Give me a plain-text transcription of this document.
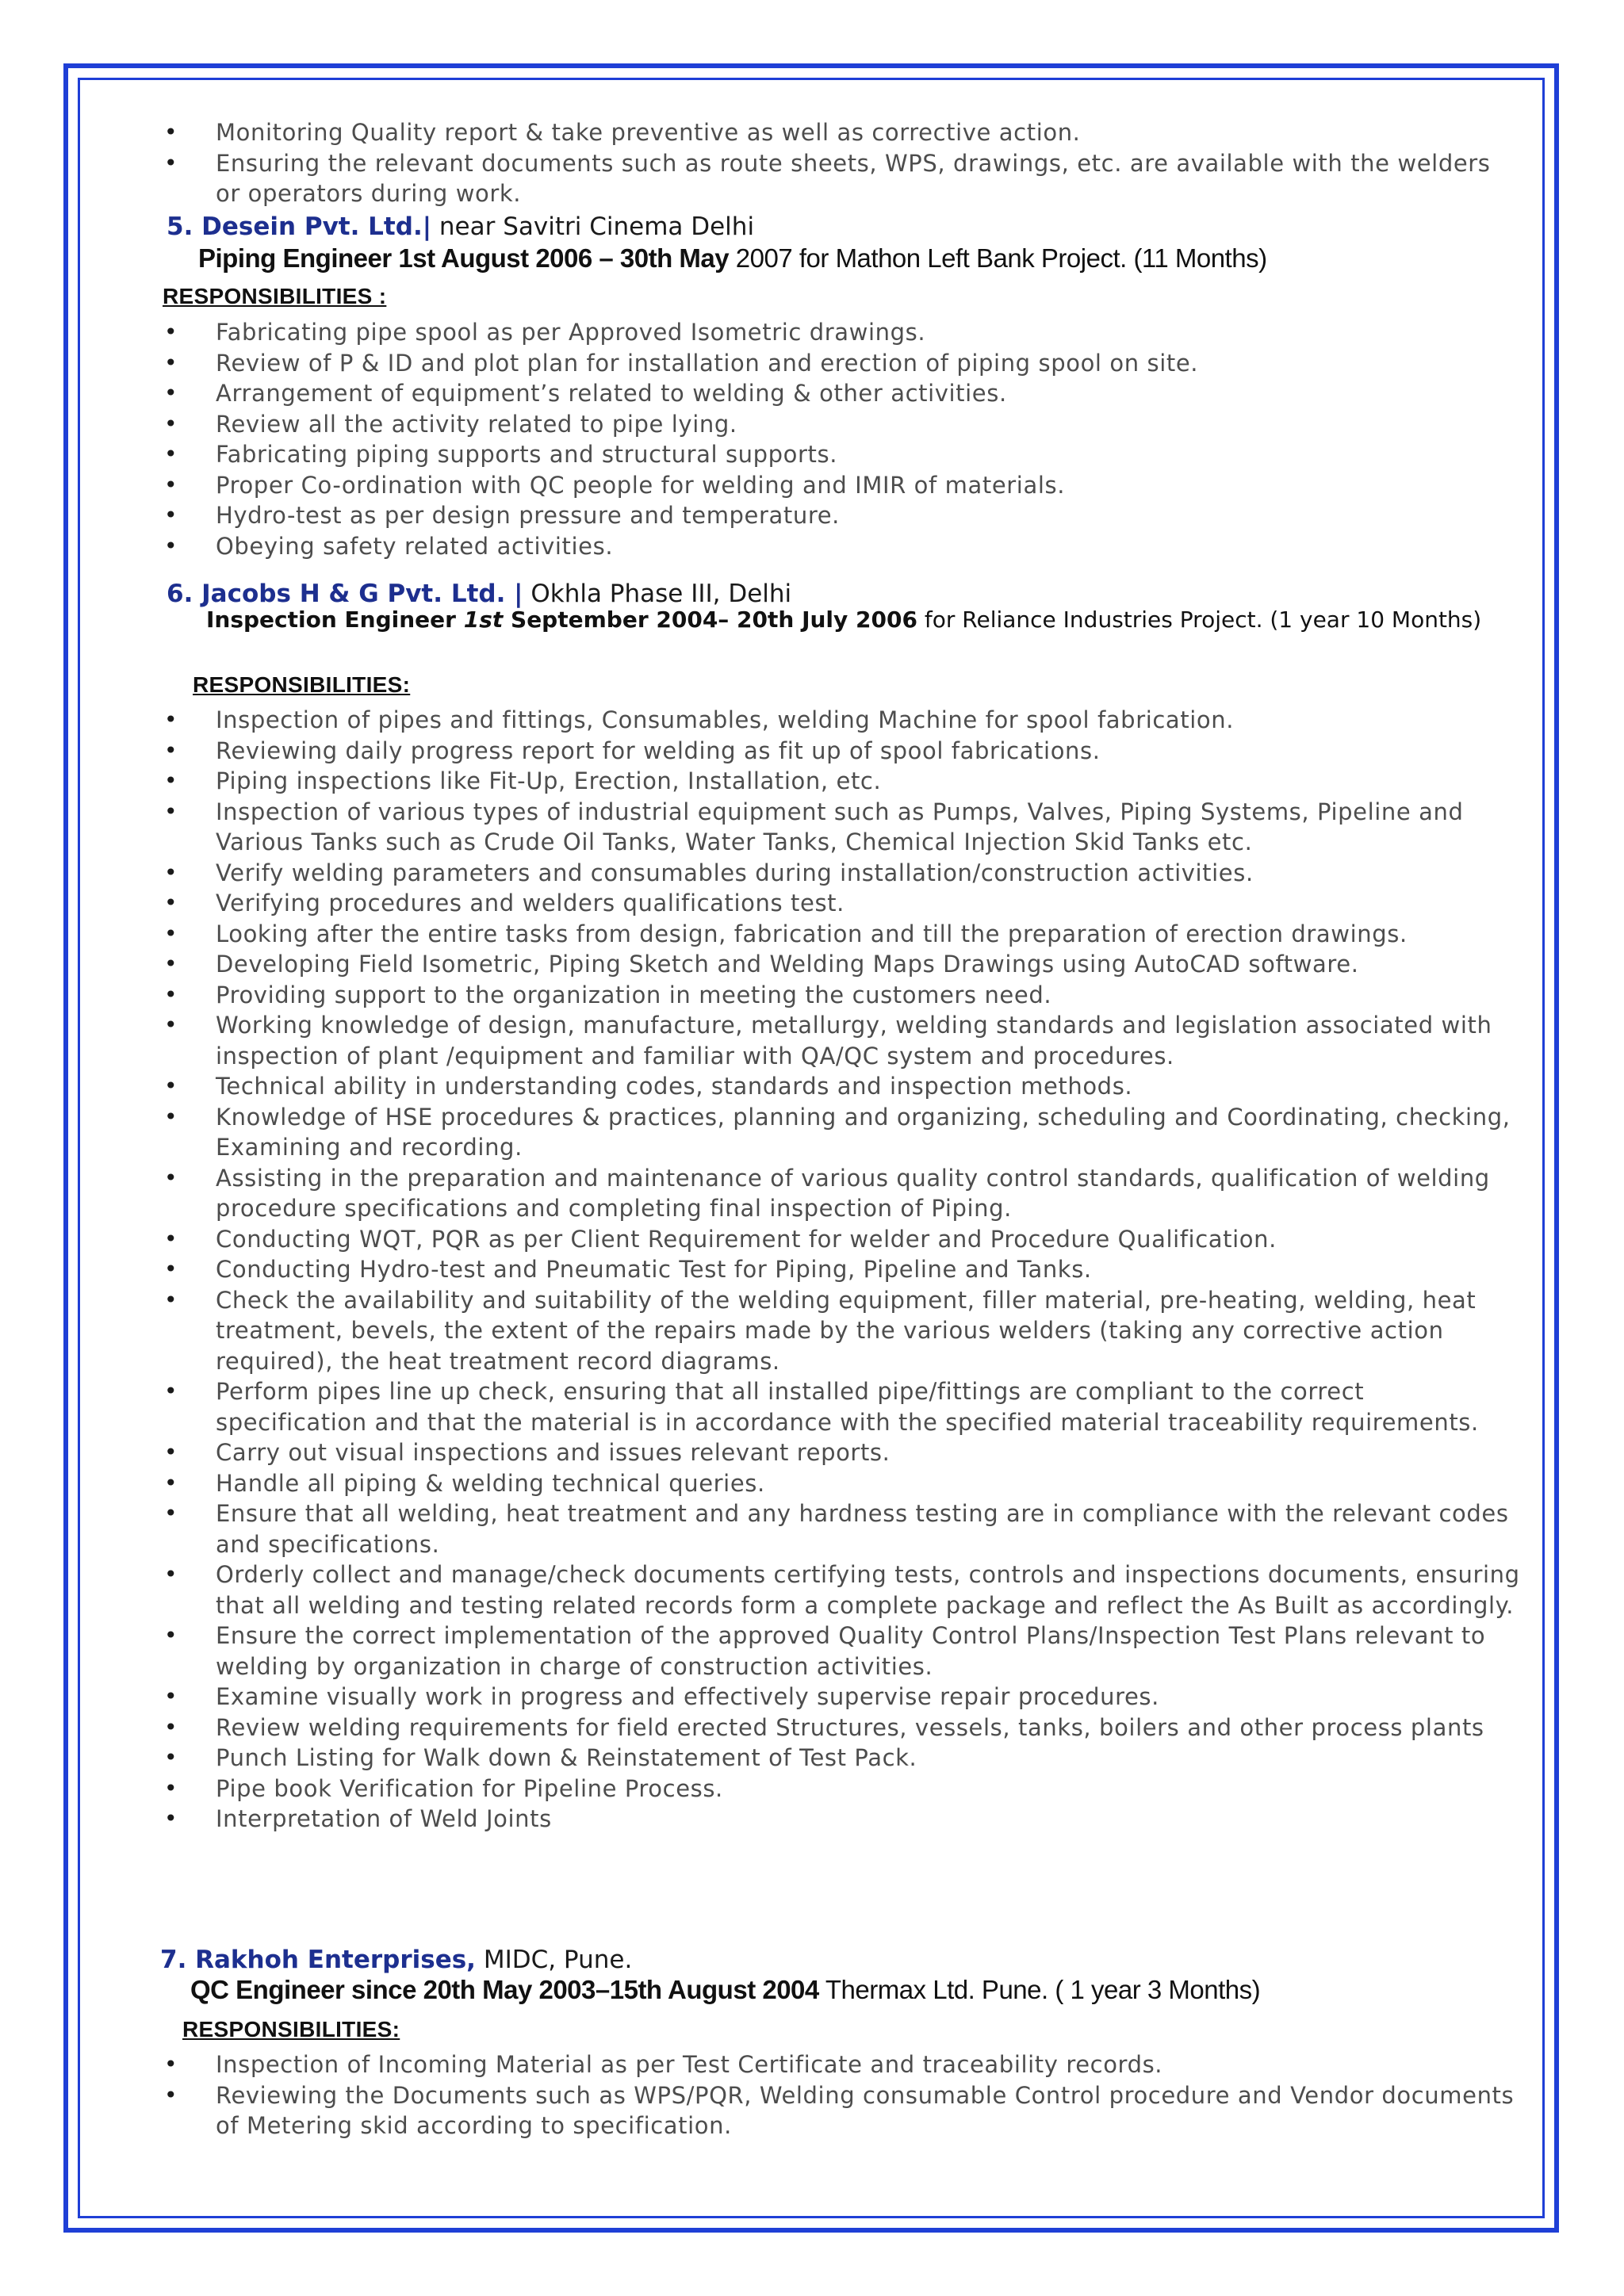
• Monitoring Quality report & take preventive as well as corrective action.
• Ensuring the relevant documents such as route sheets, WPS, drawings, etc. are available with the welders or operators during work.
5. Desein Pvt. Ltd.| near Savitri Cinema Delhi
Piping Engineer 1st August 2006 – 30th May 2007 for Mathon Left Bank Project. (11 Months)
RESPONSIBILITIES :
• Fabricating pipe spool as per Approved Isometric drawings.
• Review of P & ID and plot plan for installation and erection of piping spool on site.
• Arrangement of equipment’s related to welding & other activities.
• Review all the activity related to pipe lying.
• Fabricating piping supports and structural supports.
• Proper Co-ordination with QC people for welding and IMIR of materials.
• Hydro-test as per design pressure and temperature.
• Obeying safety related activities.
6. Jacobs H & G Pvt. Ltd. | Okhla Phase III, Delhi
Inspection Engineer 1st September 2004– 20th July 2006 for Reliance Industries Project. (1 year 10 Months)
RESPONSIBILITIES:
• Inspection of pipes and fittings, Consumables, welding Machine for spool fabrication.
• Reviewing daily progress report for welding as fit up of spool fabrications.
• Piping inspections like Fit-Up, Erection, Installation, etc.
• Inspection of various types of industrial equipment such as Pumps, Valves, Piping Systems, Pipeline and Various Tanks such as Crude Oil Tanks, Water Tanks, Chemical Injection Skid Tanks etc.
• Verify welding parameters and consumables during installation/construction activities.
• Verifying procedures and welders qualifications test.
• Looking after the entire tasks from design, fabrication and till the preparation of erection drawings.
• Developing Field Isometric, Piping Sketch and Welding Maps Drawings using AutoCAD software.
• Providing support to the organization in meeting the customers need.
• Working knowledge of design, manufacture, metallurgy, welding standards and legislation associated with inspection of plant /equipment and familiar with QA/QC system and procedures.
• Technical ability in understanding codes, standards and inspection methods.
• Knowledge of HSE procedures & practices, planning and organizing, scheduling and Coordinating, checking, Examining and recording.
• Assisting in the preparation and maintenance of various quality control standards, qualification of welding procedure specifications and completing final inspection of Piping.
• Conducting WQT, PQR as per Client Requirement for welder and Procedure Qualification.
• Conducting Hydro-test and Pneumatic Test for Piping, Pipeline and Tanks.
• Check the availability and suitability of the welding equipment, filler material, pre-heating, welding, heat treatment, bevels, the extent of the repairs made by the various welders (taking any corrective action required), the heat treatment record diagrams.
• Perform pipes line up check, ensuring that all installed pipe/fittings are compliant to the correct specification and that the material is in accordance with the specified material traceability requirements.
• Carry out visual inspections and issues relevant reports.
• Handle all piping & welding technical queries.
• Ensure that all welding, heat treatment and any hardness testing are in compliance with the relevant codes and specifications.
• Orderly collect and manage/check documents certifying tests, controls and inspections documents, ensuring that all welding and testing related records form a complete package and reflect the As Built as accordingly.
• Ensure the correct implementation of the approved Quality Control Plans/Inspection Test Plans relevant to welding by organization in charge of construction activities.
• Examine visually work in progress and effectively supervise repair procedures.
• Review welding requirements for field erected Structures, vessels, tanks, boilers and other process plants
• Punch Listing for Walk down & Reinstatement of Test Pack.
• Pipe book Verification for Pipeline Process.
• Interpretation of Weld Joints
7. Rakhoh Enterprises, MIDC, Pune.
QC Engineer since 20th May 2003–15th August 2004 Thermax Ltd. Pune. ( 1 year 3 Months)
RESPONSIBILITIES:
• Inspection of Incoming Material as per Test Certificate and traceability records.
• Reviewing the Documents such as WPS/PQR, Welding consumable Control procedure and Vendor documents of Metering skid according to specification.
